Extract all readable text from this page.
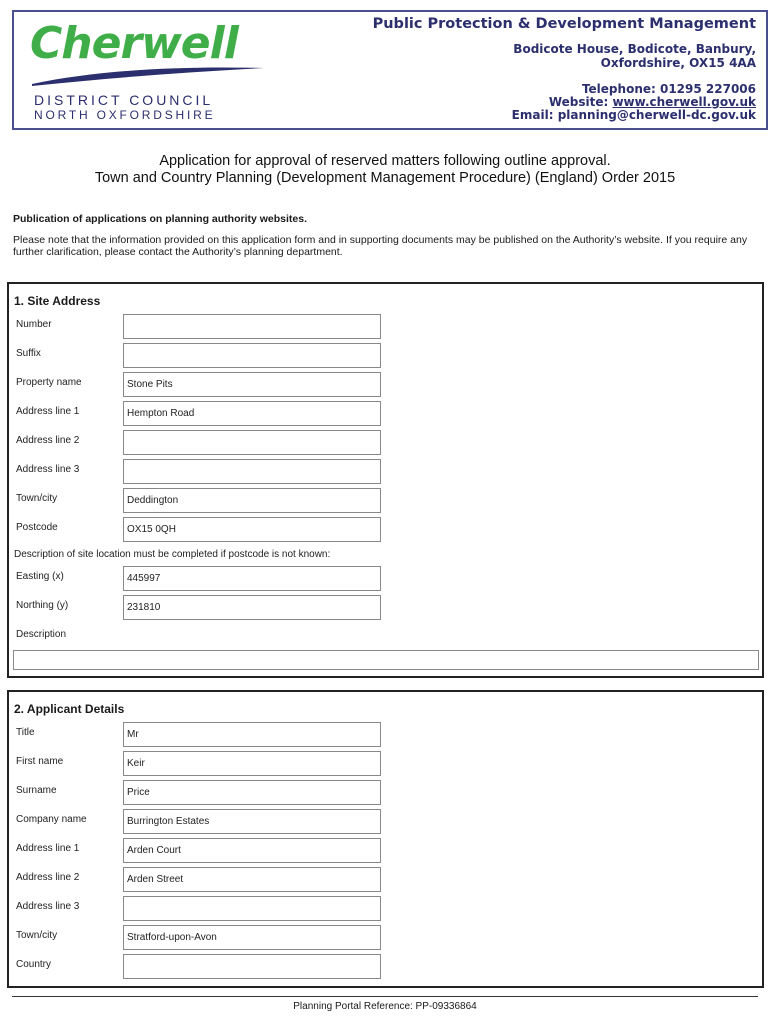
Cherwell
DISTRICT COUNCIL
NORTH OXFORDSHIRE
Public Protection & Development Management
Bodicote House, Bodicote, Banbury,
Oxfordshire, OX15 4AA
Telephone: 01295 227006
Website: www.cherwell.gov.uk
Email: planning@cherwell-dc.gov.uk
Application for approval of reserved matters following outline approval.
Town and Country Planning (Development Management Procedure) (England) Order 2015
Publication of applications on planning authority websites.
Please note that the information provided on this application form and in supporting documents may be published on the Authority’s website. If you require any further clarification, please contact the Authority’s planning department.
1. Site Address
Number
Suffix
Property name	Stone Pits
Address line 1	Hempton Road
Address line 2
Address line 3
Town/city	Deddington
Postcode	OX15 0QH
Description of site location must be completed if postcode is not known:
Easting (x)	445997
Northing (y)	231810
Description
2. Applicant Details
Title	Mr
First name	Keir
Surname	Price
Company name	Burrington Estates
Address line 1	Arden Court
Address line 2	Arden Street
Address line 3
Town/city	Stratford-upon-Avon
Country
Planning Portal Reference: PP-09336864
